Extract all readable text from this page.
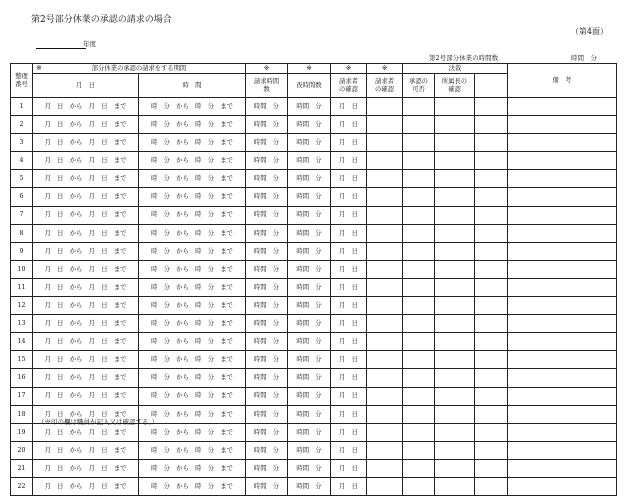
第2号部分休業の承認の請求の場合
（第4面）
年度
第2号部分休業の時間数	時間　分
整理番号	※ 部分休業の承認の請求をする期間		※	※	※	※	決裁			備　考
	月　日	時　間	請求時間数	夜時間数	請求者の確認	請求者の確認	承認の可否	所属長の確認		
1	月　日　から　月　日　まで	時　分　から　時　分　まで	時間　分	時間　分	月　日					
2	月　日　から　月　日　まで	時　分　から　時　分　まで	時間　分	時間　分	月　日					
3	月　日　から　月　日　まで	時　分　から　時　分　まで	時間　分	時間　分	月　日					
4	月　日　から　月　日　まで	時　分　から　時　分　まで	時間　分	時間　分	月　日					
5	月　日　から　月　日　まで	時　分　から　時　分　まで	時間　分	時間　分	月　日					
6	月　日　から　月　日　まで	時　分　から　時　分　まで	時間　分	時間　分	月　日					
7	月　日　から　月　日　まで	時　分　から　時　分　まで	時間　分	時間　分	月　日					
8	月　日　から　月　日　まで	時　分　から　時　分　まで	時間　分	時間　分	月　日					
9	月　日　から　月　日　まで	時　分　から　時　分　まで	時間　分	時間　分	月　日					
10	月　日　から　月　日　まで	時　分　から　時　分　まで	時間　分	時間　分	月　日					
11	月　日　から　月　日　まで	時　分　から　時　分　まで	時間　分	時間　分	月　日					
12	月　日　から　月　日　まで	時　分　から　時　分　まで	時間　分	時間　分	月　日					
13	月　日　から　月　日　まで	時　分　から　時　分　まで	時間　分	時間　分	月　日					
14	月　日　から　月　日　まで	時　分　から　時　分　まで	時間　分	時間　分	月　日					
15	月　日　から　月　日　まで	時　分　から　時　分　まで	時間　分	時間　分	月　日					
16	月　日　から　月　日　まで	時　分　から　時　分　まで	時間　分	時間　分	月　日					
17	月　日　から　月　日　まで	時　分　から　時　分　まで	時間　分	時間　分	月　日					
18	月　日　から　月　日　まで	時　分　から　時　分　まで	時間　分	時間　分	月　日					
19	月　日　から　月　日　まで	時　分　から　時　分　まで	時間　分	時間　分	月　日					
20	月　日　から　月　日　まで	時　分　から　時　分　まで	時間　分	時間　分	月　日					
21	月　日　から　月　日　まで	時　分　から　時　分　まで	時間　分	時間　分	月　日					
22	月　日　から　月　日　まで	時　分　から　時　分　まで	時間　分	時間　分	月　日					
（※印の欄は職員が記入又は確認する。）
